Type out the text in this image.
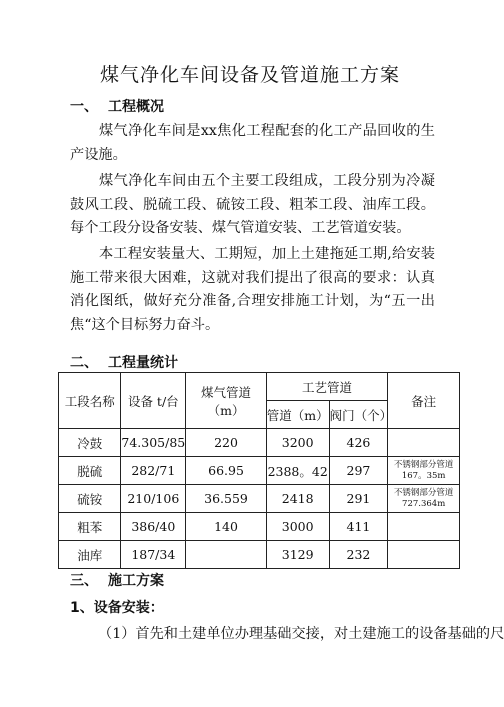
煤气净化车间设备及管道施工方案
一、 工程概况

煤气净化车间是xx焦化工程配套的化工产品回收的生产设施。

煤气净化车间由五个主要工段组成，工段分别为冷凝鼓风工段、脱硫工段、硫铵工段、粗苯工段、油库工段。每个工段分设备安装、煤气管道安装、工艺管道安装。

本工程安装量大、工期短，加上土建拖延工期,给安装施工带来很大困难，这就对我们提出了很高的要求：认真消化图纸，做好充分准备,合理安排施工计划，为“五一出焦“这个目标努力奋斗。

二、 工程量统计
工段名称	设备 t/台	煤气管道（m）	工艺管道		备注
			管道（m）	阀门（个）	
冷鼓	74.305/85	220	3200	426	
脱硫	282/71	66.95	2388。42	297	不锈钢部分管道167。35m
硫铵	210/106	36.559	2418	291	不锈钢部分管道727.364m
粗苯	386/40	140	3000	411	
油库	187/34		3129	232	
三、 施工方案
1、设备安装：
（1）首先和土建单位办理基础交接，对土建施工的设备基础的尺
